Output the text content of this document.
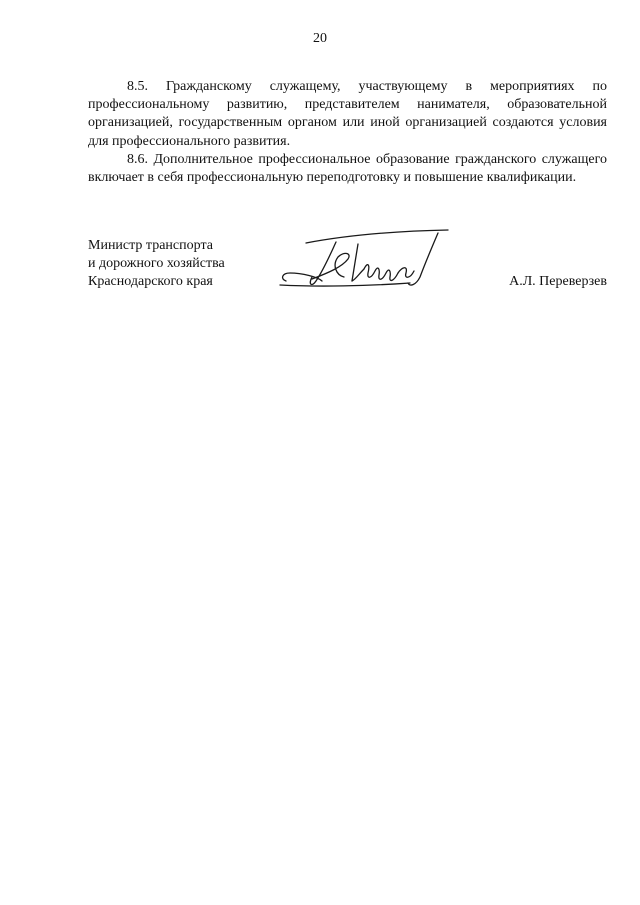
20

8.5. Гражданскому служащему, участвующему в мероприятиях по профессиональному развитию, представителем нанимателя, образовательной организацией, государственным органом или иной организацией создаются условия для профессионального развития.

8.6. Дополнительное профессиональное образование гражданского служащего включает в себя профессиональную переподготовку и повышение квалификации.

Министр транспорта
и дорожного хозяйства
Краснодарского края	А.Л. Переверзев
